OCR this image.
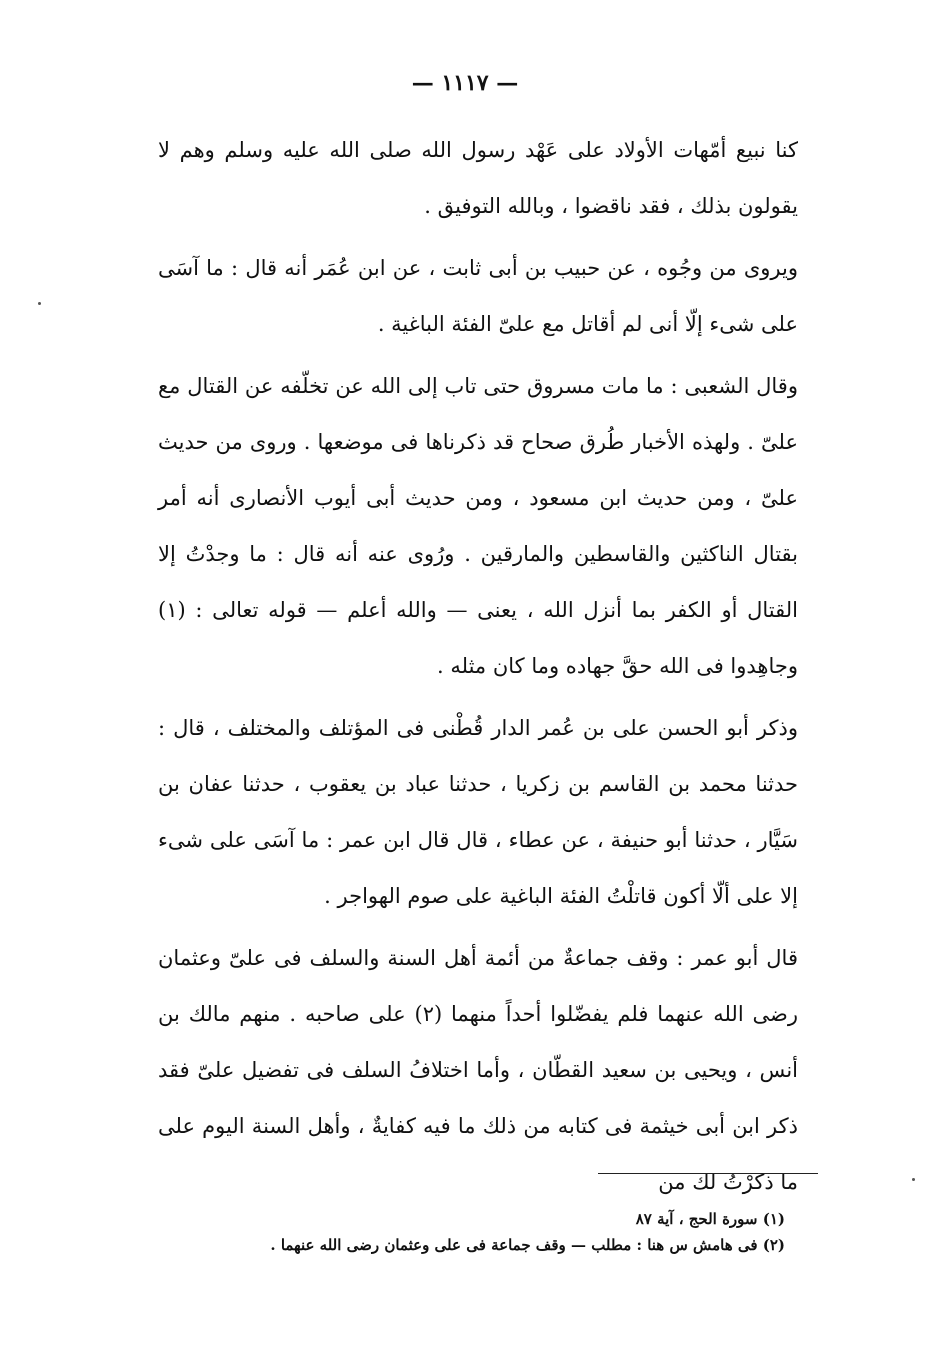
— ١١١٧ —

كنا نبيع أمّهات الأولاد على عَهْد رسول الله صلى الله عليه وسلم وهم لا يقولون بذلك ، فقد ناقضوا ، وبالله التوفيق .

ويروى من وجُوه ، عن حبيب بن أبى ثابت ، عن ابن عُمَر أنه قال : ما آسَى على شىء إلّا أنى لم أقاتل مع علىّ الفئة الباغية .

وقال الشعبى : ما مات مسروق حتى تاب إلى الله عن تخلّفه عن القتال مع علىّ . ولهذه الأخبار طُرق صحاح قد ذكرناها فى موضعها . وروى من حديث علىّ ، ومن حديث ابن مسعود ، ومن حديث أبى أيوب الأنصارى أنه أمر بقتال الناكثين والقاسطين والمارقين . ورُوى عنه أنه قال : ما وجدْتُ إلا القتال أو الكفر بما أنزل الله ، يعنى — والله أعلم — قوله تعالى : (١) وجاهِدوا فى الله حقَّ جهاده وما كان مثله .

وذكر أبو الحسن على بن عُمر الدار قُطْنى فى المؤتلف والمختلف ، قال : حدثنا محمد بن القاسم بن زكريا ، حدثنا عباد بن يعقوب ، حدثنا عفان بن سَيَّار ، حدثنا أبو حنيفة ، عن عطاء ، قال قال ابن عمر : ما آسَى على شىء إلا على ألّا أكون قاتلْتُ الفئة الباغية على صوم الهواجر .

قال أبو عمر : وقف جماعةٌ من أئمة أهل السنة والسلف فى علىّ وعثمان رضى الله عنهما فلم يفضّلوا أحداً منهما (٢) على صاحبه . منهم مالك بن أنس ، ويحيى بن سعيد القطّان ، وأما اختلافُ السلف فى تفضيل علىّ فقد ذكر ابن أبى خيثمة فى كتابه من ذلك ما فيه كفايةٌ ، وأهل السنة اليوم على ما ذكرْتُ لك من

(١) سورة الحج ، آية ٨٧
(٢) فى هامش س هنا : مطلب — وقف جماعة فى على وعثمان رضى الله عنهما .
